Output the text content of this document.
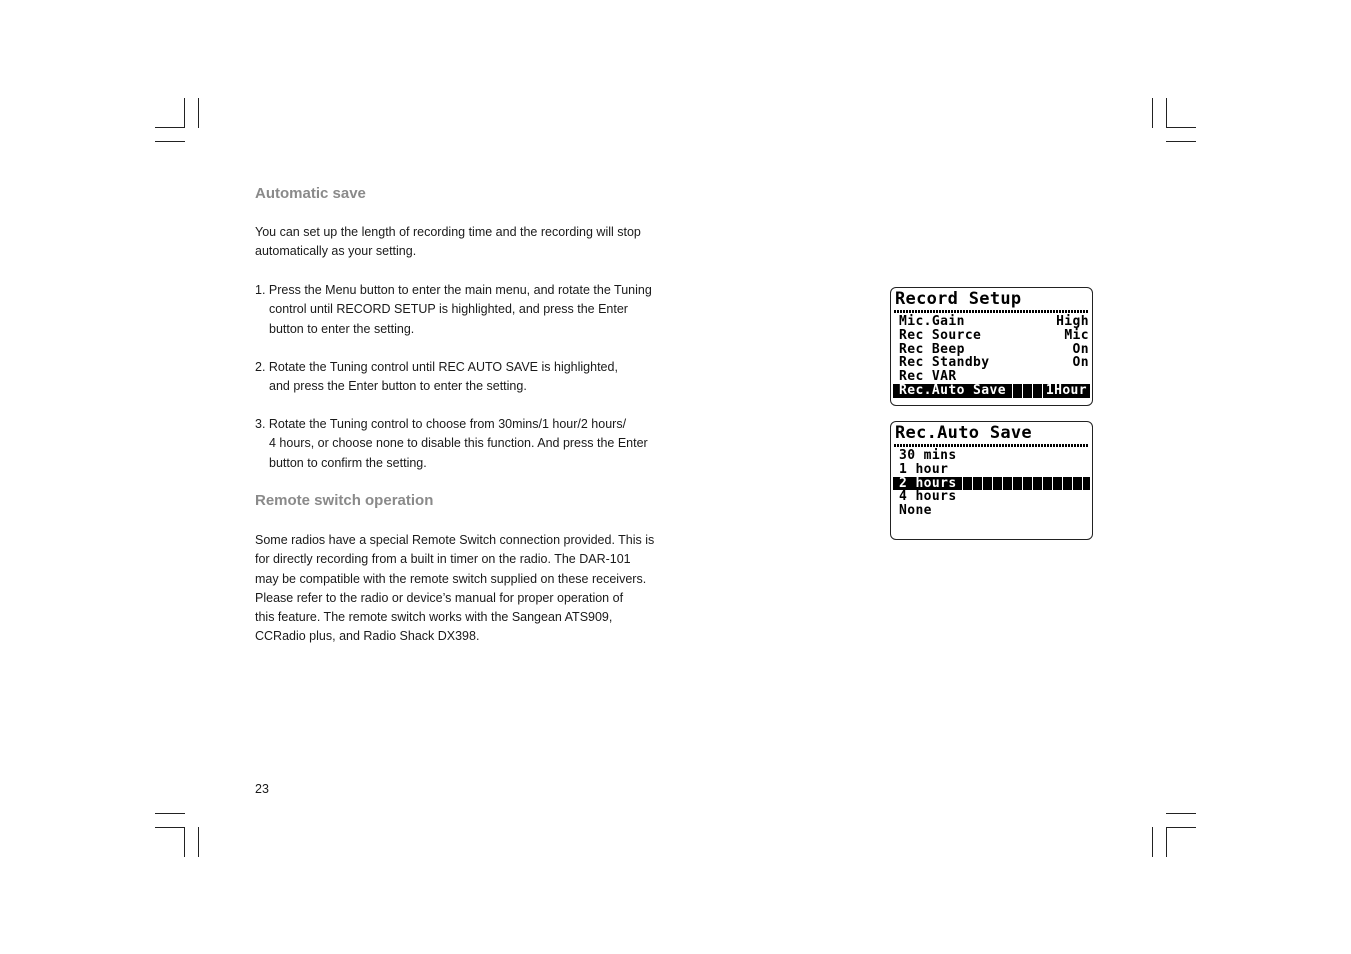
Automatic save

You can set up the length of recording time and the recording will stop
automatically as your setting.

1. Press the Menu button to enter the main menu, and rotate the Tuning
control until RECORD SETUP is highlighted, and press the Enter
button to enter the setting.

2. Rotate the Tuning control until REC AUTO SAVE is highlighted,
and press the Enter button to enter the setting.

3. Rotate the Tuning control to choose from 30mins/1 hour/2 hours/
4 hours, or choose none to disable this function. And press the Enter
button to confirm the setting.

Remote switch operation

Some radios have a special Remote Switch connection provided. This is
for directly recording from a built in timer on the radio. The DAR-101
may be compatible with the remote switch supplied on these receivers.
Please refer to the radio or device’s manual for proper operation of
this feature. The remote switch works with the Sangean ATS909,
CCRadio plus, and Radio Shack DX398.

23

Record Setup
Mic.Gain	High
Rec Source	Mic
Rec Beep	On
Rec Standby	On
Rec VAR
Rec.Auto Save	1Hour
Rec.Auto Save
30 mins
1 hour
2 hours
4 hours
None
